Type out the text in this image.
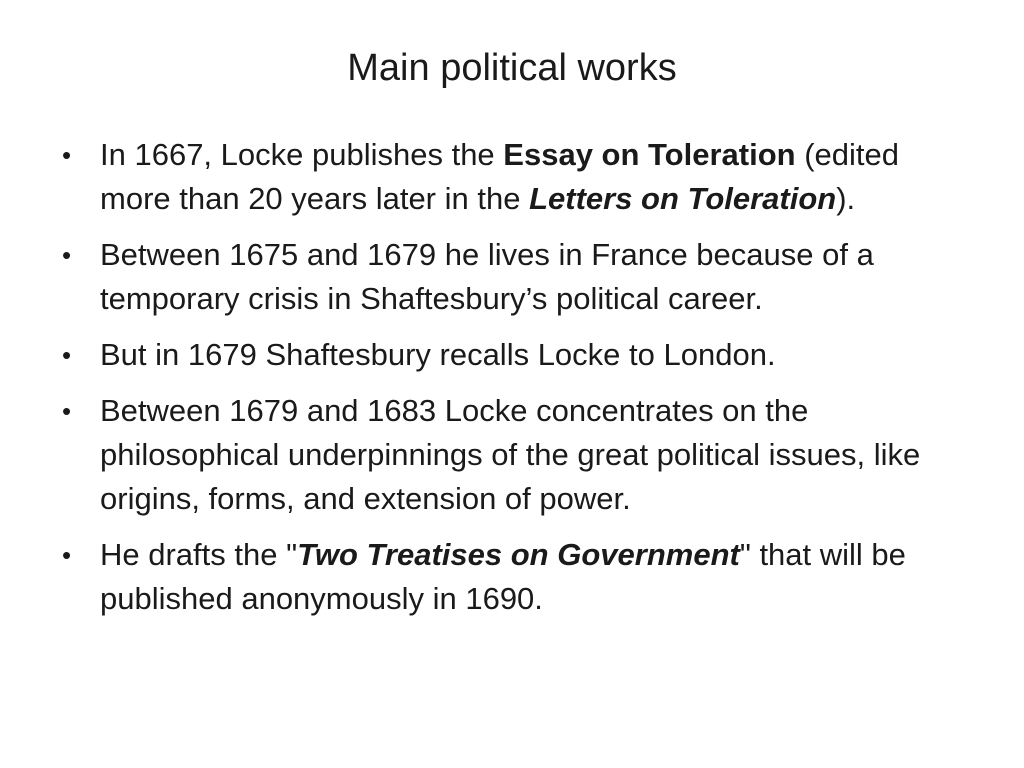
Main political works
• In 1667, Locke publishes the Essay on Toleration (edited more than 20 years later in the Letters on Toleration).
• Between 1675 and 1679 he lives in France because of a temporary crisis in Shaftesbury’s political career.
• But in 1679 Shaftesbury recalls Locke to London.
• Between 1679 and 1683 Locke concentrates on the philosophical underpinnings of the great political issues, like origins, forms, and extension of power.
• He drafts the "Two Treatises on Government" that will be published anonymously in 1690.
